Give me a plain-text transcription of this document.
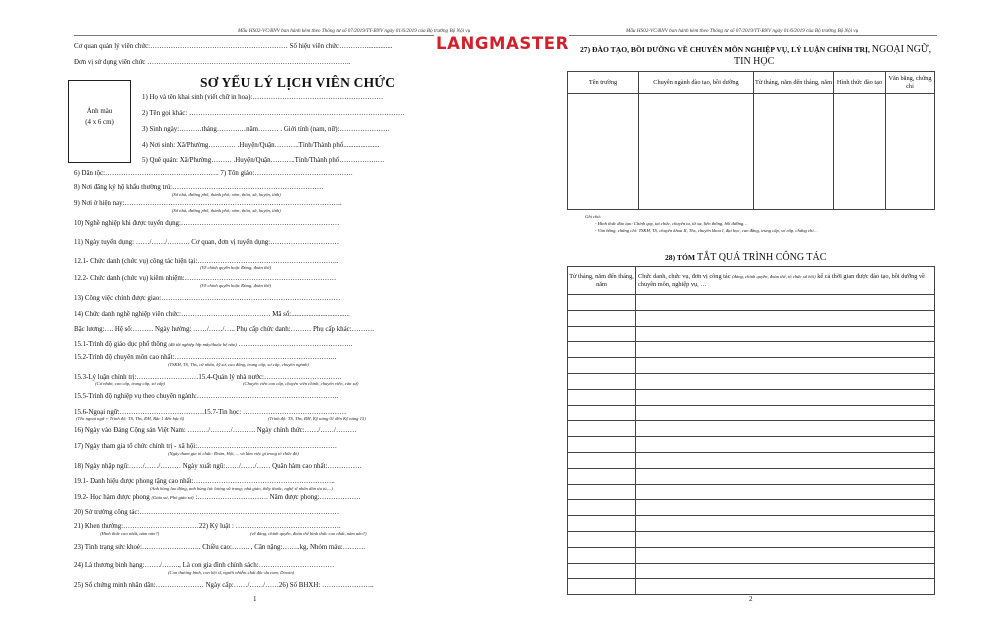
Mẫu HS02-VC/BNV ban hành kèm theo Thông tư số 07/2019/TT-BNV ngày 01/6/2019 của Bộ trưởng Bộ Nội vụ
Cơ quan quản lý viên chức:…………………………………………………… Số hiệu viên chức…………...............
Đơn vị sử dụng viên chức ……………………………………………………………………………..
SƠ YẾU LÝ LỊCH VIÊN CHỨC
Ảnh màu
(4 x 6 cm)
1) Họ và tên khai sinh (viết chữ in hoa):…………………………………………………
2) Tên gọi khác: ………………………………………………………………………………….
3) Sinh ngày:……….tháng……….…năm……… . Giới tính (nam, nữ):………………….
4) Nơi sinh: Xã/Phường………… .Huyện/Quận………..Tỉnh/Thành phố.....................
5) Quê quán: Xã/Phường……… .Huyện/Quận………..Tỉnh/Thành phố…………….….
6) Dân tộc:………………………………………….. 7) Tôn giáo:…………………………………….
8) Nơi đăng ký hộ khẩu thường trú:…………………………………………………………
(Số nhà, đường phố, thành phố; xóm, thôn, xã, huyện, tỉnh)
9) Nơi ở hiện nay:…………………………………………………………………………………..
(Số nhà, đường phố, thành phố; xóm, thôn, xã, huyện, tỉnh)
10) Nghề nghiệp khi được tuyển dụng:……………………………………………………………
11) Ngày tuyển dụng: ……/……/………. Cơ quan, đơn vị tuyển dụng:…………………………
12.1- Chức danh (chức vụ) công tác hiện tại:……………………………………………………..
(Về chính quyền hoặc Đảng, đoàn thể)
12.2- Chức danh (chức vụ) kiêm nhiệm:…………………………………………………………
(Về chính quyền hoặc Đảng, đoàn thể)
13) Công việc chính được giao:……………………………………………………………………
14) Chức danh nghề nghiệp viên chức:………………………………… Mã số:..................................
Bậc lương:…. Hệ số:……… Ngày hưởng: ……/……/….. Phụ cấp chức danh:……… Phụ cấp khác:……….
15.1-Trình độ giáo dục phổ thông (đã tốt nghiệp lớp mấy/thuộc hệ nào) …………………………………………..
15.2-Trình độ chuyên môn cao nhất:……………………………………………………………..
(TSKH, TS, Ths, cử nhân, kỹ sư, cao đẳng, trung cấp, sơ cấp, chuyên ngành)
15.3-Lý luận chính trị:………………………15.4-Quản lý nhà nước:…………………………….
(Cử nhân, cao cấp, trung cấp, sơ cấp)	(Chuyên viên cao cấp, chuyên viên chính, chuyên viên, cán sự)
15.5-Trình độ nghiệp vụ theo chuyên ngành:……………………………………………………..
15.6-Ngoại ngữ:……………………………….15.7-Tin học: ………………………………………
(Tên ngoại ngữ + Trình độ: TS, Ths, ĐH, Bậc 1 đến bậc 6)	(Trình độ: TS, Ths, ĐH, Kỹ năng 01 đến Kỹ năng 15)
16) Ngày vào Đảng Cộng sản Việt Nam: ………/………/………. Ngày chính thức:……/……/………
17) Ngày tham gia tổ chức chính trị - xã hội:…………………………………………………….
(Ngày tham gia tổ chức: Đoàn, Hội, ... và làm việc gì trong tổ chức đó)
18) Ngày nhập ngũ:……/……/……… Ngày xuất ngũ:……/……/…… Quân hàm cao nhất:……………
19.1- Danh hiệu được phong tặng cao nhất:……………………………………………………..
(Anh hùng lao động, anh hùng lực lượng vũ trang; nhà giáo, thầy thuốc, nghệ sĩ nhân dân ưu tú,...)
19.2- Học hàm được phong (Giáo sư, Phó giáo sư) :…………………………. Năm được phong:………………
20) Sở trường công tác:……………………………………………………………………………
21) Khen thưởng:……………………………22) Kỷ luật : ……………………………………….
(Hình thức cao nhất, năm nào?)	(về đảng, chính quyền, đoàn thể hình thức cao nhất, năm nào?)
23) Tình trạng sức khoẻ:…………………….. Chiều cao:…….. , Cân nặng:……..kg, Nhóm máu:……….
24) Là thương binh hạng:……./…….., Là con gia đình chính sách:……………………………
(Con thương binh, con liệt sĩ, người nhiễm chất độc da cam, Dioxin)
25) Số chứng minh nhân dân:………………… Ngày cấp:……/……/……26) Số BHXH: …………………..
1
LANGMASTER
Mẫu HS02-VC/BNV ban hành kèm theo Thông tư số 07/2019/TT-BNV ngày 01/6/2019 của Bộ trưởng Bộ Nội vụ
27) ĐÀO TẠO, BỒI DƯỠNG VỀ CHUYÊN MÔN NGHIỆP VỤ, LÝ LUẬN CHÍNH TRỊ, NGOẠI NGỮ,
TIN HỌC
Tên trường	Chuyên ngành đào tạo, bồi dưỡng	Từ tháng, năm đến tháng, năm	Hình thức đào tạo	Văn bằng, chứng chỉ

Ghi chú:
- Hình thức đào tạo: Chính quy, tại chức, chuyên tu, từ xa, liên thông, bồi dưỡng…
- Văn bằng, chứng chỉ: TSKH, TS, chuyên khoa II, Ths, chuyên khoa I, đại học, cao đẳng, trung cấp, sơ cấp, chứng chỉ…
28) TÓM TẮT QUÁ TRÌNH CÔNG TÁC
Từ tháng, năm đến tháng, năm	Chức danh, chức vụ, đơn vị công tác (đảng, chính quyền, đoàn thể, tổ chức xã hội) kể cả thời gian được đào tạo, bồi dưỡng về chuyên môn, nghiệp vụ, …

2
